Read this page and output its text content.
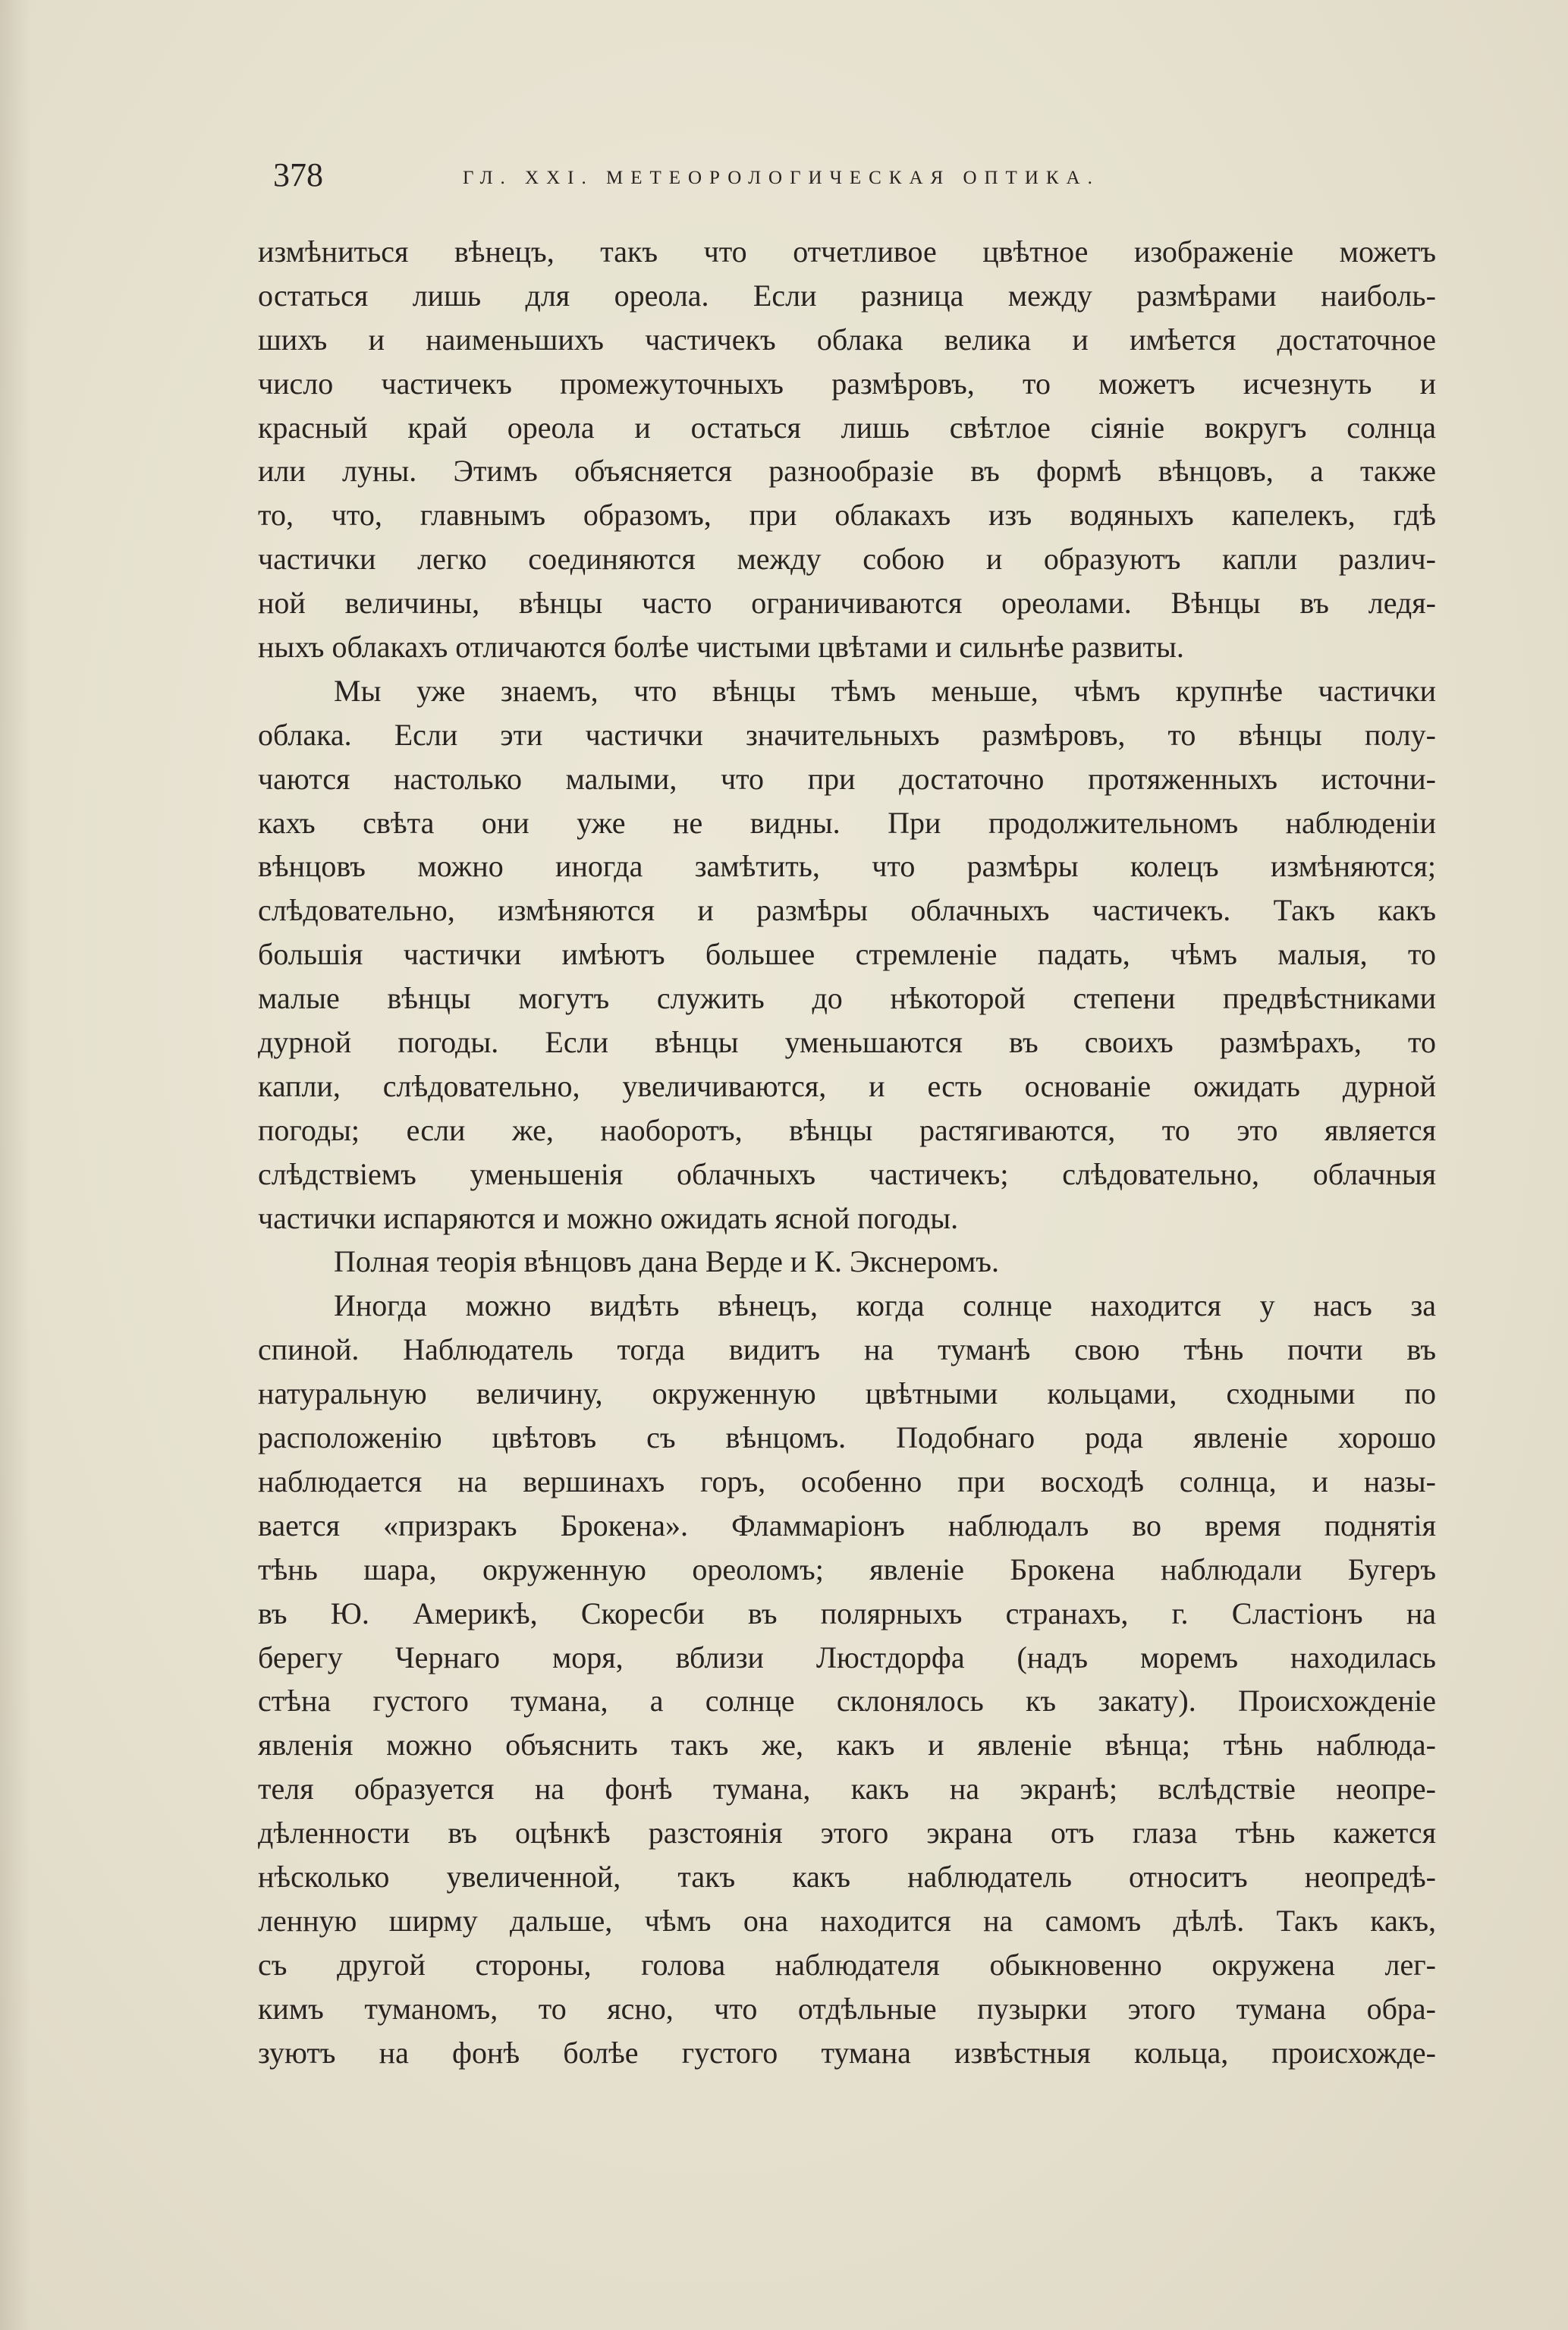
378	ГЛ. XXI. МЕТЕОРОЛОГИЧЕСКАЯ ОПТИКА.
измѣниться вѣнецъ, такъ что отчетливое цвѣтное изображенiе можетъ
остаться лишь для ореола. Если разница между размѣрами наиболь-
шихъ и наименьшихъ частичекъ облака велика и имѣется достаточное
число частичекъ промежуточныхъ размѣровъ, то можетъ исчезнуть и
красный край ореола и остаться лишь свѣтлое сiянiе вокругъ солнца
или луны. Этимъ объясняется разнообразiе въ формѣ вѣнцовъ, а также
то, что, главнымъ образомъ, при облакахъ изъ водяныхъ капелекъ, гдѣ
частички легко соединяются между собою и образуютъ капли различ-
ной величины, вѣнцы часто ограничиваются ореолами. Вѣнцы въ ледя-
ныхъ облакахъ отличаются болѣе чистыми цвѣтами и сильнѣе развиты.
Мы уже знаемъ, что вѣнцы тѣмъ меньше, чѣмъ крупнѣе частички
облака. Если эти частички значительныхъ размѣровъ, то вѣнцы полу-
чаются настолько малыми, что при достаточно протяженныхъ источни-
кахъ свѣта они уже не видны. При продолжительномъ наблюденiи
вѣнцовъ можно иногда замѣтить, что размѣры колецъ измѣняются;
слѣдовательно, измѣняются и размѣры облачныхъ частичекъ. Такъ какъ
большiя частички имѣютъ большее стремленiе падать, чѣмъ малыя, то
малые вѣнцы могутъ служить до нѣкоторой степени предвѣстниками
дурной погоды. Если вѣнцы уменьшаются въ своихъ размѣрахъ, то
капли, слѣдовательно, увеличиваются, и есть основанiе ожидать дурной
погоды; если же, наоборотъ, вѣнцы растягиваются, то это является
слѣдствiемъ уменьшенiя облачныхъ частичекъ; слѣдовательно, облачныя
частички испаряются и можно ожидать ясной погоды.
Полная теорiя вѣнцовъ дана Верде и К. Экснеромъ.
Иногда можно видѣть вѣнецъ, когда солнце находится у насъ за
спиной. Наблюдатель тогда видитъ на туманѣ свою тѣнь почти въ
натуральную величину, окруженную цвѣтными кольцами, сходными по
расположенiю цвѣтовъ съ вѣнцомъ. Подобнаго рода явленiе хорошо
наблюдается на вершинахъ горъ, особенно при восходѣ солнца, и назы-
вается «призракъ Брокена». Фламмарiонъ наблюдалъ во время поднятiя
тѣнь шара, окруженную ореоломъ; явленiе Брокена наблюдали Бугеръ
въ Ю. Америкѣ, Скоресби въ полярныхъ странахъ, г. Сластiонъ на
берегу Чернаго моря, вблизи Люстдорфа (надъ моремъ находилась
стѣна густого тумана, а солнце склонялось къ закату). Происхожденiе
явленiя можно объяснить такъ же, какъ и явленiе вѣнца; тѣнь наблюда-
теля образуется на фонѣ тумана, какъ на экранѣ; вслѣдствiе неопре-
дѣленности въ оцѣнкѣ разстоянiя этого экрана отъ глаза тѣнь кажется
нѣсколько увеличенной, такъ какъ наблюдатель относитъ неопредѣ-
ленную ширму дальше, чѣмъ она находится на самомъ дѣлѣ. Такъ какъ,
съ другой стороны, голова наблюдателя обыкновенно окружена лег-
кимъ туманомъ, то ясно, что отдѣльные пузырки этого тумана обра-
зуютъ на фонѣ болѣе густого тумана извѣстныя кольца, происхожде-
